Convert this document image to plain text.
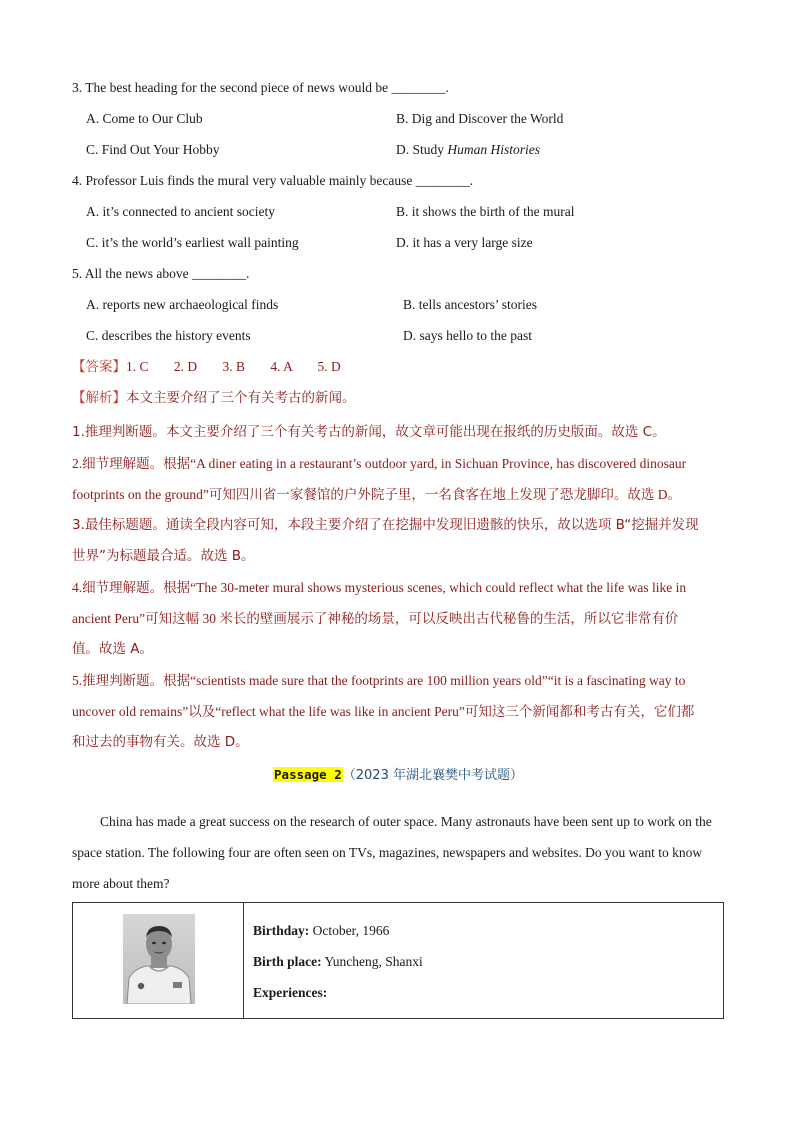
3. The best heading for the second piece of news would be ________.
A. Come to Our Club	B. Dig and Discover the World
C. Find Out Your Hobby	D. Study Human Histories
4. Professor Luis finds the mural very valuable mainly because ________.
A. it’s connected to ancient society	B. it shows the birth of the mural
C. it’s the world’s earliest wall painting	D. it has a very large size
5. All the news above ________.
A. reports new archaeological finds	B. tells ancestors’ stories
C. describes the history events	D. says hello to the past
【答案】1. C 2. D 3. B 4. A 5. D
【解析】本文主要介绍了三个有关考古的新闻。
1.推理判断题。本文主要介绍了三个有关考古的新闻，故文章可能出现在报纸的历史版面。故选 C。
2.细节理解题。根据“A diner eating in a restaurant’s outdoor yard, in Sichuan Province, has discovered dinosaur
footprints on the ground”可知四川省一家餐馆的户外院子里，一名食客在地上发现了恐龙脚印。故选 D。
3.最佳标题题。通读全段内容可知，本段主要介绍了在挖掘中发现旧遗骸的快乐，故以选项 B“挖掘并发现
世界”为标题最合适。故选 B。
4.细节理解题。根据“The 30-meter mural shows mysterious scenes, which could reflect what the life was like in
ancient Peru”可知这幅 30 米长的壁画展示了神秘的场景，可以反映出古代秘鲁的生活，所以它非常有价
值。故选 A。
5.推理判断题。根据“scientists made sure that the footprints are 100 million years old”“it is a fascinating way to
uncover old remains”以及“reflect what the life was like in ancient Peru”可知这三个新闻都和考古有关，它们都
和过去的事物有关。故选 D。
Passage 2（2023 年湖北襄樊中考试题）
China has made a great success on the research of outer space. Many astronauts have been sent up to work on the space station. The following four are often seen on TVs, magazines, newspapers and websites. Do you want to know more about them?

Birthday: October, 1966
Birth place: Yuncheng, Shanxi
Experiences:
